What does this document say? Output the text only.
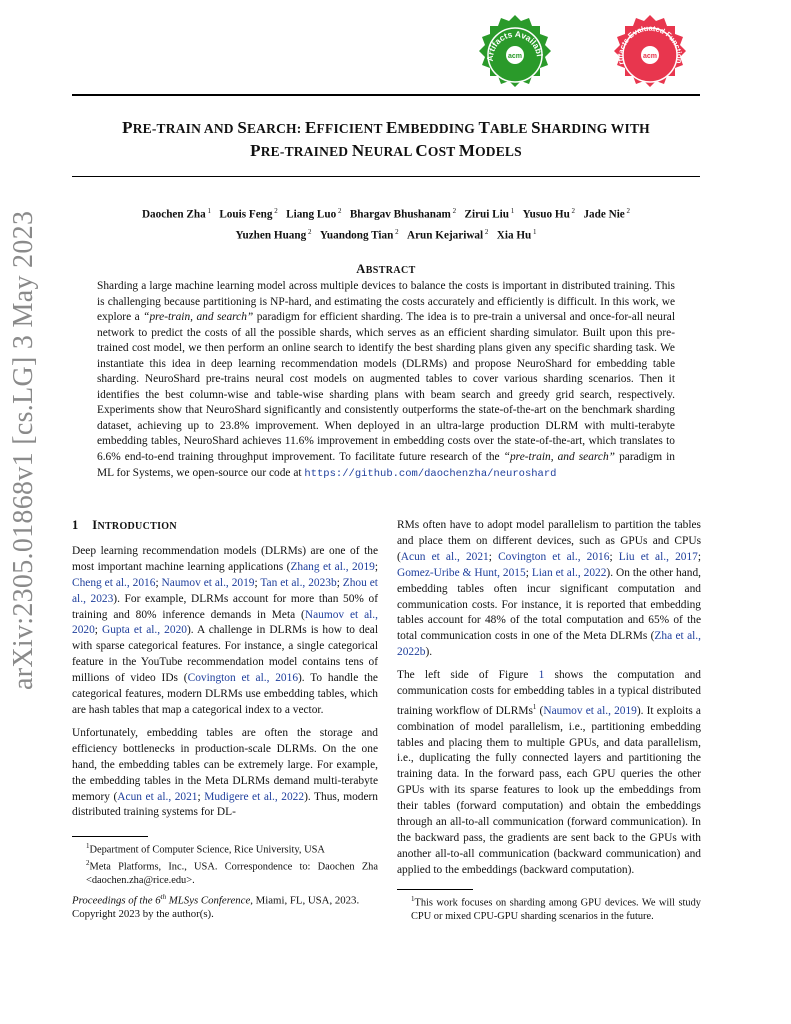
acm
Artifacts Availabl	acm
rtifacts Evaluated Function
PRE-TRAIN AND SEARCH: EFFICIENT EMBEDDING TABLE SHARDING WITH
PRE-TRAINED NEURAL COST MODELS
Daochen Zha $^1$ Louis Feng $^2$ Liang Luo $^2$ Bhargav Bhushanam $^2$ Zirui Liu $^1$ Yusuo Hu $^2$ Jade Nie $^2$
Yuzhen Huang $^2$ Yuandong Tian $^2$ Arun Kejariwal $^2$ Xia Hu $^1$
ABSTRACT
Sharding a large machine learning model across multiple devices to balance the costs is important in distributed training. This is challenging because partitioning is NP-hard, and estimating the costs accurately and efficiently is difficult. In this work, we explore a “pre-train, and search” paradigm for efficient sharding. The idea is to pre-train a universal and once-for-all neural network to predict the costs of all the possible shards, which serves as an efficient sharding simulator. Built upon this pre-trained cost model, we then perform an online search to identify the best sharding plans given any specific sharding task. We instantiate this idea in deep learning recommendation models (DLRMs) and propose NeuroShard for embedding table sharding. NeuroShard pre-trains neural cost models on augmented tables to cover various sharding scenarios. Then it identifies the best column-wise and table-wise sharding plans with beam search and greedy grid search, respectively. Experiments show that NeuroShard significantly and consistently outperforms the state-of-the-art on the benchmark sharding dataset, achieving up to 23.8% improvement. When deployed in an ultra-large production DLRM with multi-terabyte embedding tables, NeuroShard achieves 11.6% improvement in embedding costs over the state-of-the-art, which translates to 6.6% end-to-end training throughput improvement. To facilitate future research of the “pre-train, and search” paradigm in ML for Systems, we open-source our code at https://github.com/daochenzha/neuroshard
arXiv:2305.01868v1 [cs.LG] 3 May 2023	1 INTRODUCTION

Deep learning recommendation models (DLRMs) are one of the most important machine learning applications (Zhang et al., 2019; Cheng et al., 2016; Naumov et al., 2019; Tan et al., 2023b; Zhou et al., 2023). For example, DLRMs account for more than 50% of training and 80% inference demands in Meta (Naumov et al., 2020; Gupta et al., 2020). A challenge in DLRMs is how to deal with sparse categorical features. For instance, a single categorical feature in the YouTube recommendation model contains tens of millions of video IDs (Covington et al., 2016). To handle the categorical features, modern DLRMs use embedding tables, which are hash tables that map a categorical index to a vector.

Unfortunately, embedding tables are often the storage and efficiency bottlenecks in production-scale DLRMs. On the one hand, the embedding tables can be extremely large. For example, the embedding tables in the Meta DLRMs demand multi-terabyte memory (Acun et al., 2021; Mudigere et al., 2022). Thus, modern distributed training systems for DL-

$^1$Department of Computer Science, Rice University, USA
$^2$Meta Platforms, Inc., USA. Correspondence to: Daochen Zha <daochen.zha@rice.edu>.
Proceedings of the 6th MLSys Conference, Miami, FL, USA, 2023.
Copyright 2023 by the author(s).

RMs often have to adopt model parallelism to partition the tables and place them on different devices, such as GPUs and CPUs (Acun et al., 2021; Covington et al., 2016; Liu et al., 2017; Gomez-Uribe & Hunt, 2015; Lian et al., 2022). On the other hand, embedding tables often incur significant computation and communication costs. For instance, it is reported that embedding tables account for 48% of the total computation and 65% of the total communication costs in one of the Meta DLRMs (Zha et al., 2022b).

The left side of Figure 1 shows the computation and communication costs for embedding tables in a typical distributed training workflow of DLRMs$^1$ (Naumov et al., 2019). It exploits a combination of model parallelism, i.e., partitioning embedding tables and placing them to multiple GPUs, and data parallelism, i.e., duplicating the fully connected layers and partitioning the training data. In the forward pass, each GPU queries the other GPUs with its sparse features to look up the embeddings from their tables (forward computation) and obtain the embeddings through an all-to-all communication (forward communication). In the backward pass, the gradients are sent back to the GPUs with another all-to-all communication (backward communication) and applied to the embeddings (backward computation).

$^1$This work focuses on sharding among GPU devices. We will study CPU or mixed CPU-GPU sharding scenarios in the future.
